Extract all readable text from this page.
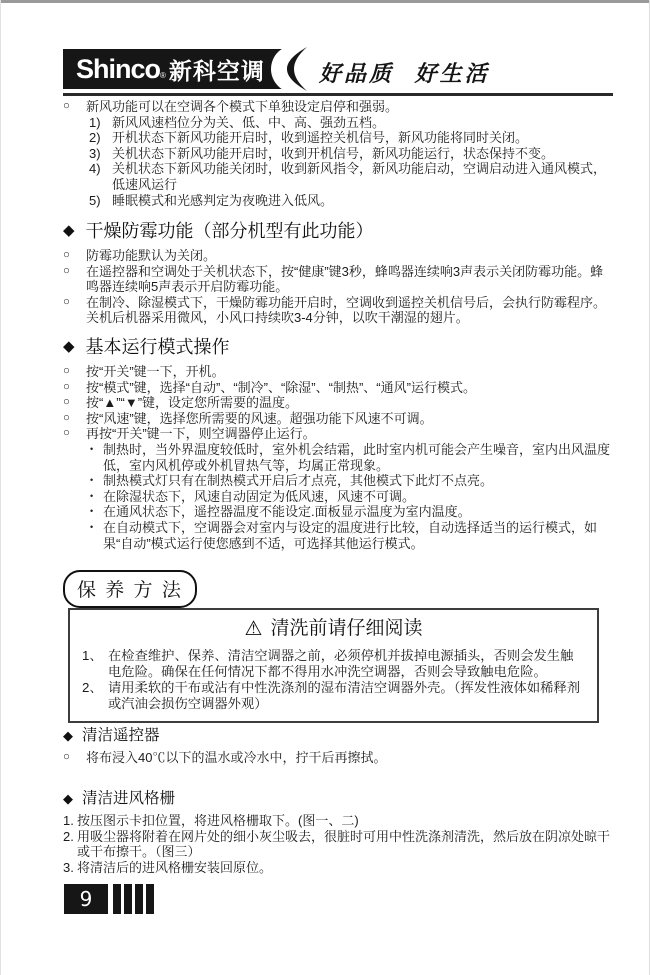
Shinco ® 新科空调 好品质 好生活
○	新风功能可以在空调各个模式下单独设定启停和强弱。
1) 新风风速档位分为关、低、中、高、强劲五档。
2) 开机状态下新风功能开启时，收到遥控关机信号，新风功能将同时关闭。
3) 关机状态下新风功能开启时，收到开机信号，新风功能运行，状态保持不变。
4) 关机状态下新风功能关闭时，收到新风指令，新风功能启动，空调启动进入通风模式，低速风运行
5) 睡眠模式和光感判定为夜晚进入低风。
◆ 干燥防霉功能（部分机型有此功能）
○	防霉功能默认为关闭。
○	在遥控器和空调处于关机状态下，按“健康”键3秒，蜂鸣器连续响3声表示关闭防霉功能。蜂鸣器连续响5声表示开启防霉功能。
○	在制冷、除湿模式下，干燥防霉功能开启时，空调收到遥控关机信号后，会执行防霉程序。关机后机器采用微风，小风口持续吹3-4分钟，以吹干潮湿的翅片。
◆ 基本运行模式操作
○	按“开关”键一下，开机。
○	按“模式”键，选择“自动”、“制冷”、“除湿”、“制热”、“通风”运行模式。
○	按“▲”“▼”键，设定您所需要的温度。
○	按“风速”键，选择您所需要的风速。超强功能下风速不可调。
○	再按“开关”键一下，则空调器停止运行。
• 制热时，当外界温度较低时，室外机会结霜，此时室内机可能会产生噪音，室内出风温度低，室内风机停或外机冒热气等，均属正常现象。
• 制热模式灯只有在制热模式开启后才点亮，其他模式下此灯不点亮。
• 在除湿状态下，风速自动固定为低风速，风速不可调。
• 在通风状态下，遥控器温度不能设定.面板显示温度为室内温度。
• 在自动模式下，空调器会对室内与设定的温度进行比较，自动选择适当的运行模式，如果“自动”模式运行使您感到不适，可选择其他运行模式。
保 养 方 法
⚠ 清洗前请仔细阅读
1、 在检查维护、保养、清洁空调器之前，必须停机并拔掉电源插头，否则会发生触电危险。确保在任何情况下都不得用水冲洗空调器，否则会导致触电危险。
2、 请用柔软的干布或沾有中性洗涤剂的湿布清洁空调器外壳。（挥发性液体如稀释剂或汽油会损伤空调器外观）
◆ 清洁遥控器
○	将布浸入40℃以下的温水或冷水中，拧干后再擦拭。
◆ 清洁进风格栅
1. 按压图示卡扣位置，将进风格栅取下。(图一、二)
2. 用吸尘器将附着在网片处的细小灰尘吸去，很脏时可用中性洗涤剂清洗，然后放在阴凉处晾干或干布擦干。（图三）
3. 将清洁后的进风格栅安装回原位。
9
